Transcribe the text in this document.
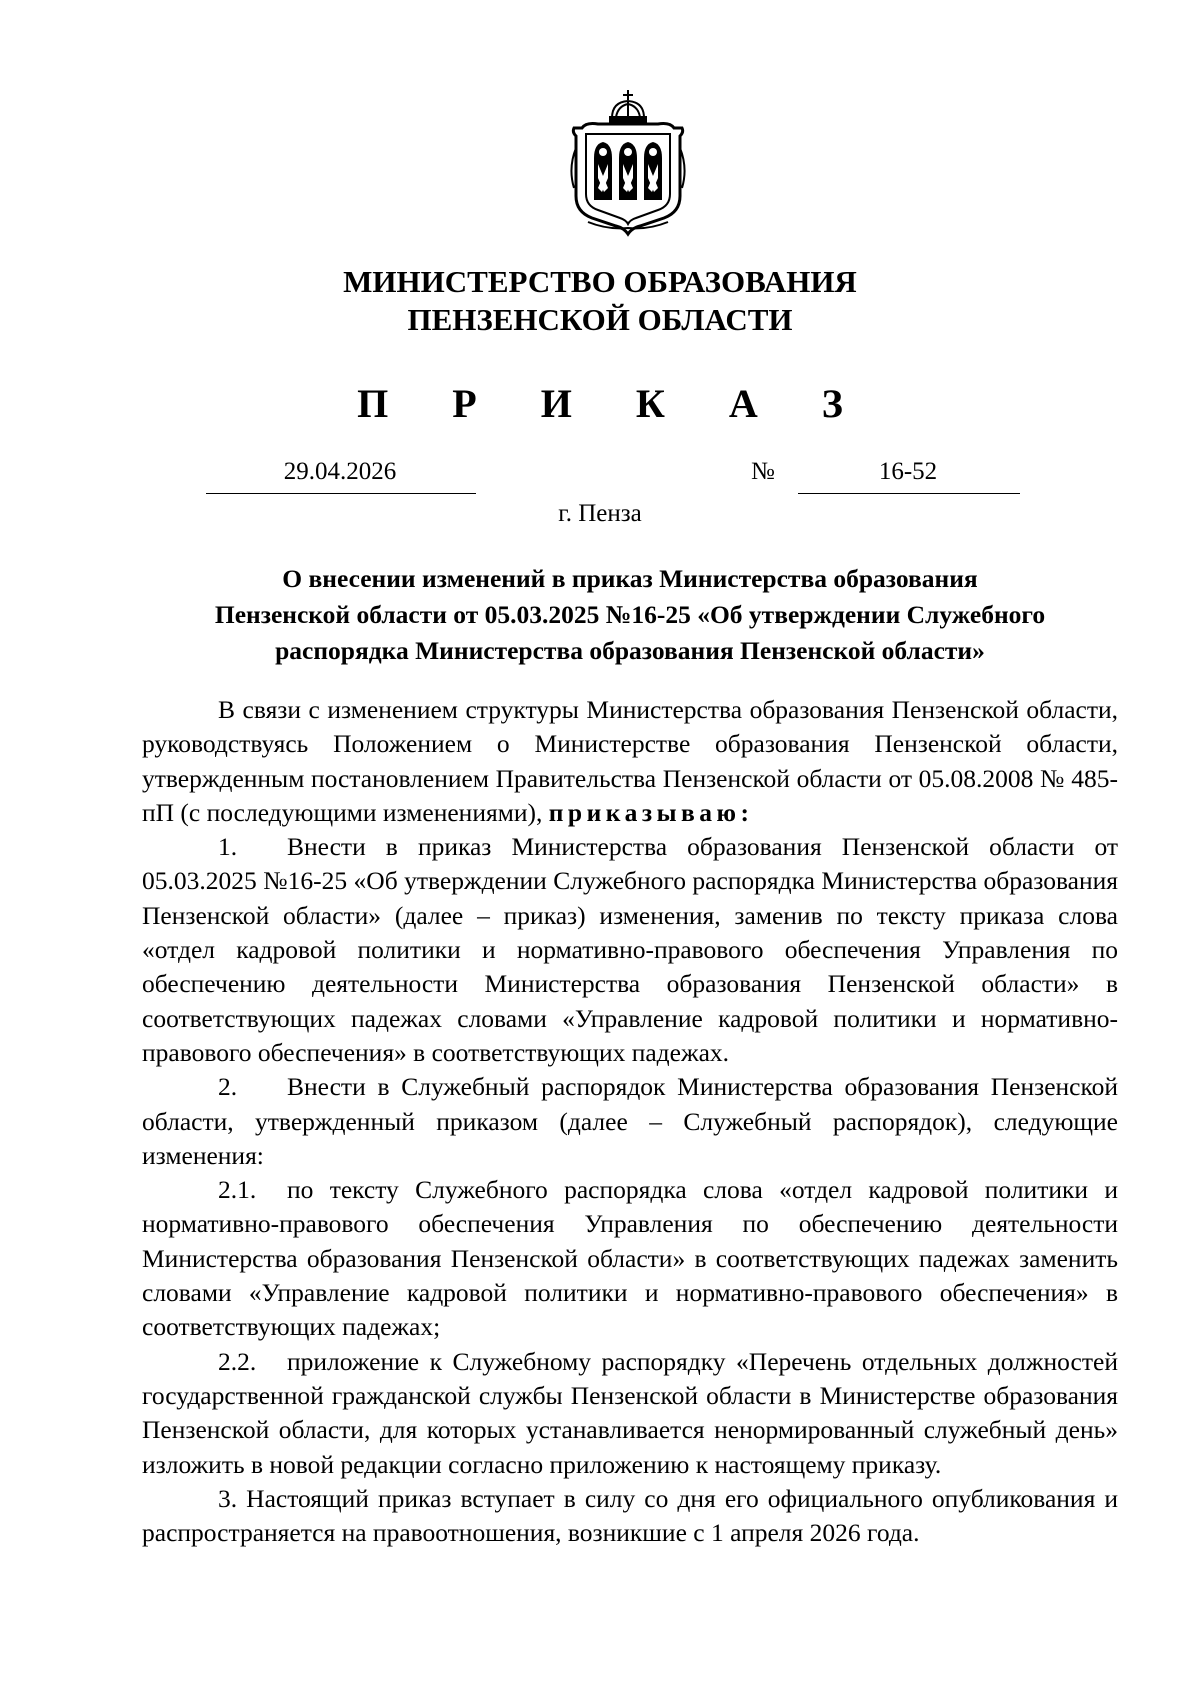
МИНИСТЕРСТВО ОБРАЗОВАНИЯ
ПЕНЗЕНСКОЙ ОБЛАСТИ
П Р И К А З
29.04.2026	№	16-52
г. Пенза
О внесении изменений в приказ Министерства образования
Пензенской области от 05.03.2025 №16-25 «Об утверждении Служебного
распорядка Министерства образования Пензенской области»

В связи с изменением структуры Министерства образования Пензенской области, руководствуясь Положением о Министерстве образования Пензенской области, утвержденным постановлением Правительства Пензенской области от 05.08.2008 № 485-пП (с последующими изменениями), приказываю:

1. Внести в приказ Министерства образования Пензенской области от 05.03.2025 №16-25 «Об утверждении Служебного распорядка Министерства образования Пензенской области» (далее – приказ) изменения, заменив по тексту приказа слова «отдел кадровой политики и нормативно-правового обеспечения Управления по обеспечению деятельности Министерства образования Пензенской области» в соответствующих падежах словами «Управление кадровой политики и нормативно-правового обеспечения» в соответствующих падежах.

2. Внести в Служебный распорядок Министерства образования Пензенской области, утвержденный приказом (далее – Служебный распорядок), следующие изменения:

2.1. по тексту Служебного распорядка слова «отдел кадровой политики и нормативно-правового обеспечения Управления по обеспечению деятельности Министерства образования Пензенской области» в соответствующих падежах заменить словами «Управление кадровой политики и нормативно-правового обеспечения» в соответствующих падежах;

2.2. приложение к Служебному распорядку «Перечень отдельных должностей государственной гражданской службы Пензенской области в Министерстве образования Пензенской области, для которых устанавливается ненормированный служебный день» изложить в новой редакции согласно приложению к настоящему приказу.

3. Настоящий приказ вступает в силу со дня его официального опубликования и распространяется на правоотношения, возникшие с 1 апреля 2026 года.
